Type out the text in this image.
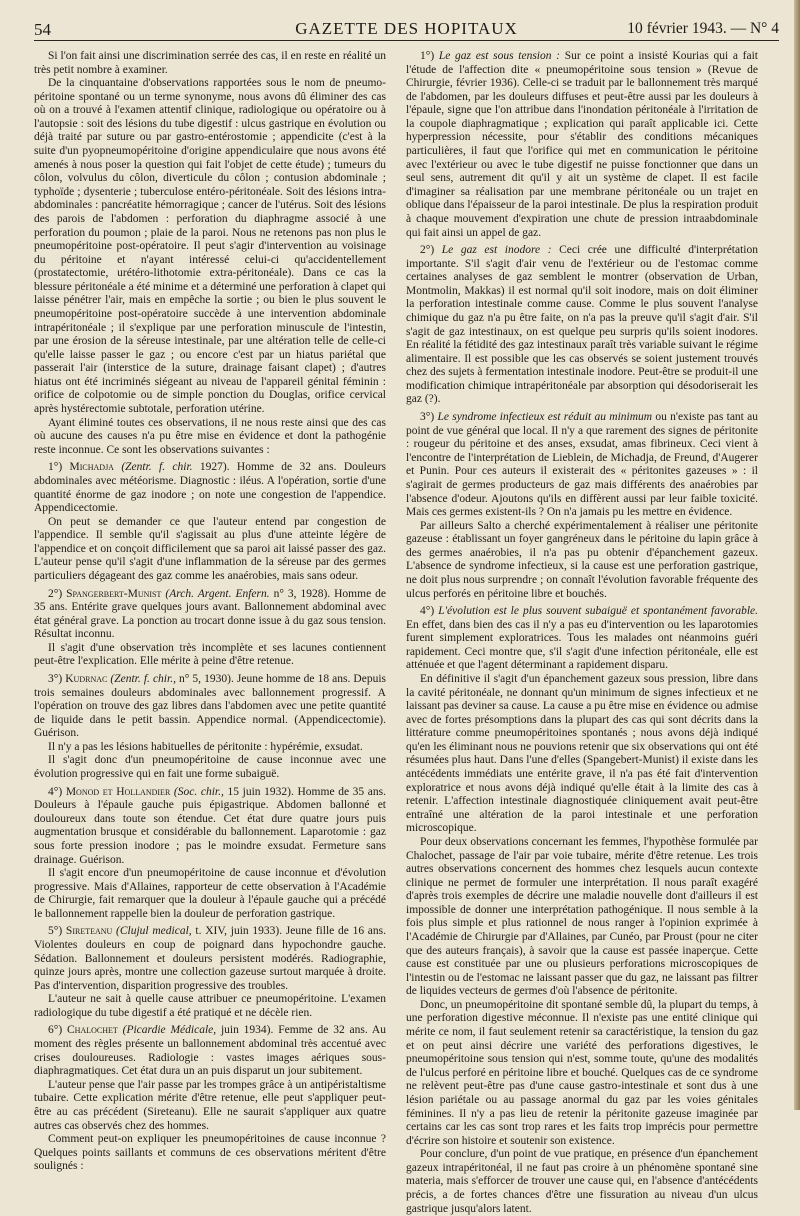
54	GAZETTE DES HOPITAUX	10 février 1943. — N° 4

Si l'on fait ainsi une discrimination serrée des cas, il en reste en réalité un très petit nombre à examiner.

De la cinquantaine d'observations rapportées sous le nom de pneumo-péritoine spontané ou un terme synonyme, nous avons dû éliminer des cas où on a trouvé à l'examen attentif clinique, radiologique ou opératoire ou à l'autopsie : soit des lésions du tube digestif : ulcus gastrique en évolution ou déjà traité par suture ou par gastro-entérostomie ; appendicite (c'est à la suite d'un pyopneumopéritoine d'origine appendiculaire que nous avons été amenés à nous poser la question qui fait l'objet de cette étude) ; tumeurs du côlon, volvulus du côlon, diverticule du côlon ; contusion abdominale ; typhoïde ; dysenterie ; tuberculose entéro-péritonéale. Soit des lésions intra-abdominales : pancréatite hémorragique ; cancer de l'utérus. Soit des lésions des parois de l'abdomen : perforation du diaphragme associé à une perforation du poumon ; plaie de la paroi. Nous ne retenons pas non plus le pneumopéritoine post-opératoire. Il peut s'agir d'intervention au voisinage du péritoine et n'ayant intéressé celui-ci qu'accidentellement (prostatectomie, urétéro-lithotomie extra-péritonéale). Dans ce cas la blessure péritonéale a été minime et a déterminé une perforation à clapet qui laisse pénétrer l'air, mais en empêche la sortie ; ou bien le plus souvent le pneumopéritoine post-opératoire succède à une intervention abdominale intrapéritonéale ; il s'explique par une perforation minuscule de l'intestin, par une érosion de la séreuse intestinale, par une altération telle de celle-ci qu'elle laisse passer le gaz ; ou encore c'est par un hiatus pariétal que passerait l'air (interstice de la suture, drainage faisant clapet) ; d'autres hiatus ont été incriminés siégeant au niveau de l'appareil génital féminin : orifice de colpotomie ou de simple ponction du Douglas, orifice cervical après hystérectomie subtotale, perforation utérine.

Ayant éliminé toutes ces observations, il ne nous reste ainsi que des cas où aucune des causes n'a pu être mise en évidence et dont la pathogénie reste inconnue. Ce sont les observations suivantes :

1°) Michadja (Zentr. f. chir. 1927). Homme de 32 ans. Douleurs abdominales avec météorisme. Diagnostic : iléus. A l'opération, sortie d'une quantité énorme de gaz inodore ; on note une congestion de l'appendice. Appendicectomie.

On peut se demander ce que l'auteur entend par congestion de l'appendice. Il semble qu'il s'agissait au plus d'une atteinte légère de l'appendice et on conçoit difficilement que sa paroi ait laissé passer des gaz. L'auteur pense qu'il s'agit d'une inflammation de la séreuse par des germes particuliers dégageant des gaz comme les anaérobies, mais sans odeur.

2°) Spangerbert-Munist (Arch. Argent. Enfern. n° 3, 1928). Homme de 35 ans. Entérite grave quelques jours avant. Ballonnement abdominal avec état général grave. La ponction au trocart donne issue à du gaz sous tension. Résultat inconnu.

Il s'agit d'une observation très incomplète et ses lacunes contiennent peut-être l'explication. Elle mérite à peine d'être retenue.

3°) Kudrnac (Zentr. f. chir., n° 5, 1930). Jeune homme de 18 ans. Depuis trois semaines douleurs abdominales avec ballonnement progressif. A l'opération on trouve des gaz libres dans l'abdomen avec une petite quantité de liquide dans le petit bassin. Appendice normal. (Appendicectomie). Guérison.

Il n'y a pas les lésions habituelles de péritonite : hypérémie, exsudat.

Il s'agit donc d'un pneumopéritoine de cause inconnue avec une évolution progressive qui en fait une forme subaiguë.

4°) Monod et Hollandier (Soc. chir., 15 juin 1932). Homme de 35 ans. Douleurs à l'épaule gauche puis épigastrique. Abdomen ballonné et douloureux dans toute son étendue. Cet état dure quatre jours puis augmentation brusque et considérable du ballonnement. Laparotomie : gaz sous forte pression inodore ; pas le moindre exsudat. Fermeture sans drainage. Guérison.

Il s'agit encore d'un pneumopéritoine de cause inconnue et d'évolution progressive. Mais d'Allaines, rapporteur de cette observation à l'Académie de Chirurgie, fait remarquer que la douleur à l'épaule gauche qui a précédé le ballonnement rappelle bien la douleur de perforation gastrique.

5°) Sireteanu (Clujul medical, t. XIV, juin 1933). Jeune fille de 16 ans. Violentes douleurs en coup de poignard dans hypochondre gauche. Sédation. Ballonnement et douleurs persistent modérés. Radiographie, quinze jours après, montre une collection gazeuse surtout marquée à droite. Pas d'intervention, disparition progressive des troubles.

L'auteur ne sait à quelle cause attribuer ce pneumopéritoine. L'examen radiologique du tube digestif a été pratiqué et ne décèle rien.

6°) Chalochet (Picardie Médicale, juin 1934). Femme de 32 ans. Au moment des règles présente un ballonnement abdominal très accentué avec crises douloureuses. Radiologie : vastes images aériques sous-diaphragmatiques. Cet état dura un an puis disparut un jour subitement.

L'auteur pense que l'air passe par les trompes grâce à un antipéristaltisme tubaire. Cette explication mérite d'être retenue, elle peut s'appliquer peut-être au cas précédent (Sireteanu). Elle ne saurait s'appliquer aux quatre autres cas observés chez des hommes.

Comment peut-on expliquer les pneumopéritoines de cause inconnue ? Quelques points saillants et communs de ces observations méritent d'être soulignés :

1°) Le gaz est sous tension : Sur ce point a insisté Kourias qui a fait l'étude de l'affection dite « pneumopéritoine sous tension » (Revue de Chirurgie, février 1936). Celle-ci se traduit par le ballonnement très marqué de l'abdomen, par les douleurs diffuses et peut-être aussi par les douleurs à l'épaule, signe que l'on attribue dans l'inondation péritonéale à l'irritation de la coupole diaphragmatique ; explication qui paraît applicable ici. Cette hyperpression nécessite, pour s'établir des conditions mécaniques particulières, il faut que l'orifice qui met en communication le péritoine avec l'extérieur ou avec le tube digestif ne puisse fonctionner que dans un seul sens, autrement dit qu'il y ait un système de clapet. Il est facile d'imaginer sa réalisation par une membrane péritonéale ou un trajet en oblique dans l'épaisseur de la paroi intestinale. De plus la respiration produit à chaque mouvement d'expiration une chute de pression intraabdominale qui fait ainsi un appel de gaz.

2°) Le gaz est inodore : Ceci crée une difficulté d'interprétation importante. S'il s'agit d'air venu de l'extérieur ou de l'estomac comme certaines analyses de gaz semblent le montrer (observation de Urban, Montmolin, Makkas) il est normal qu'il soit inodore, mais on doit éliminer la perforation intestinale comme cause. Comme le plus souvent l'analyse chimique du gaz n'a pu être faite, on n'a pas la preuve qu'il s'agit d'air. S'il s'agit de gaz intestinaux, on est quelque peu surpris qu'ils soient inodores. En réalité la fétidité des gaz intestinaux paraît très variable suivant le régime alimentaire. Il est possible que les cas observés se soient justement trouvés chez des sujets à fermentation intestinale inodore. Peut-être se produit-il une modification chimique intrapéritonéale par absorption qui désodoriserait les gaz (?).

3°) Le syndrome infectieux est réduit au minimum ou n'existe pas tant au point de vue général que local. Il n'y a que rarement des signes de péritonite : rougeur du péritoine et des anses, exsudat, amas fibrineux. Ceci vient à l'encontre de l'interprétation de Lieblein, de Michadja, de Freund, d'Augerer et Punin. Pour ces auteurs il existerait des « péritonites gazeuses » : il s'agirait de germes producteurs de gaz mais différents des anaérobies par l'absence d'odeur. Ajoutons qu'ils en diffèrent aussi par leur faible toxicité. Mais ces germes existent-ils ? On n'a jamais pu les mettre en évidence.

Par ailleurs Salto a cherché expérimentalement à réaliser une péritonite gazeuse : établissant un foyer gangréneux dans le péritoine du lapin grâce à des germes anaérobies, il n'a pas pu obtenir d'épanchement gazeux. L'absence de syndrome infectieux, si la cause est une perforation gastrique, ne doit plus nous surprendre ; on connaît l'évolution favorable fréquente des ulcus perforés en péritoine libre et bouchés.

4°) L'évolution est le plus souvent subaiguë et spontanément favorable. En effet, dans bien des cas il n'y a pas eu d'intervention ou les laparotomies furent simplement exploratrices. Tous les malades ont néanmoins guéri rapidement. Ceci montre que, s'il s'agit d'une infection péritonéale, elle est atténuée et que l'agent déterminant a rapidement disparu.

En définitive il s'agit d'un épanchement gazeux sous pression, libre dans la cavité péritonéale, ne donnant qu'un minimum de signes infectieux et ne laissant pas deviner sa cause. La cause a pu être mise en évidence ou admise avec de fortes présomptions dans la plupart des cas qui sont décrits dans la littérature comme pneumopéritoines spontanés ; nous avons déjà indiqué qu'en les éliminant nous ne pouvions retenir que six observations qui ont été résumées plus haut. Dans l'une d'elles (Spangebert-Munist) il existe dans les antécédents immédiats une entérite grave, il n'a pas été fait d'intervention exploratrice et nous avons déjà indiqué qu'elle était à la limite des cas à retenir. L'affection intestinale diagnostiquée cliniquement avait peut-être entraîné une altération de la paroi intestinale et une perforation microscopique.

Pour deux observations concernant les femmes, l'hypothèse formulée par Chalochet, passage de l'air par voie tubaire, mérite d'être retenue. Les trois autres observations concernent des hommes chez lesquels aucun contexte clinique ne permet de formuler une interprétation. Il nous paraît exagéré d'après trois exemples de décrire une maladie nouvelle dont d'ailleurs il est impossible de donner une interprétation pathogénique. Il nous semble à la fois plus simple et plus rationnel de nous ranger à l'opinion exprimée à l'Académie de Chirurgie par d'Allaines, par Cunéo, par Proust (pour ne citer que des auteurs français), à savoir que la cause est passée inaperçue. Cette cause est constituée par une ou plusieurs perforations microscopiques de l'intestin ou de l'estomac ne laissant passer que du gaz, ne laissant pas filtrer de liquides vecteurs de germes d'où l'absence de péritonite.

Donc, un pneumopéritoine dit spontané semble dû, la plupart du temps, à une perforation digestive méconnue. Il n'existe pas une entité clinique qui mérite ce nom, il faut seulement retenir sa caractéristique, la tension du gaz et on peut ainsi décrire une variété des perforations digestives, le pneumopéritoine sous tension qui n'est, somme toute, qu'une des modalités de l'ulcus perforé en péritoine libre et bouché. Quelques cas de ce syndrome ne relèvent peut-être pas d'une cause gastro-intestinale et sont dus à une lésion pariétale ou au passage anormal du gaz par les voies génitales féminines. Il n'y a pas lieu de retenir la péritonite gazeuse imaginée par certains car les cas sont trop rares et les faits trop imprécis pour permettre d'écrire son histoire et soutenir son existence.

Pour conclure, d'un point de vue pratique, en présence d'un épanchement gazeux intrapéritonéal, il ne faut pas croire à un phénomène spontané sine materia, mais s'efforcer de trouver une cause qui, en l'absence d'antécédents précis, a de fortes chances d'être une fissuration au niveau d'un ulcus gastrique jusqu'alors latent.
